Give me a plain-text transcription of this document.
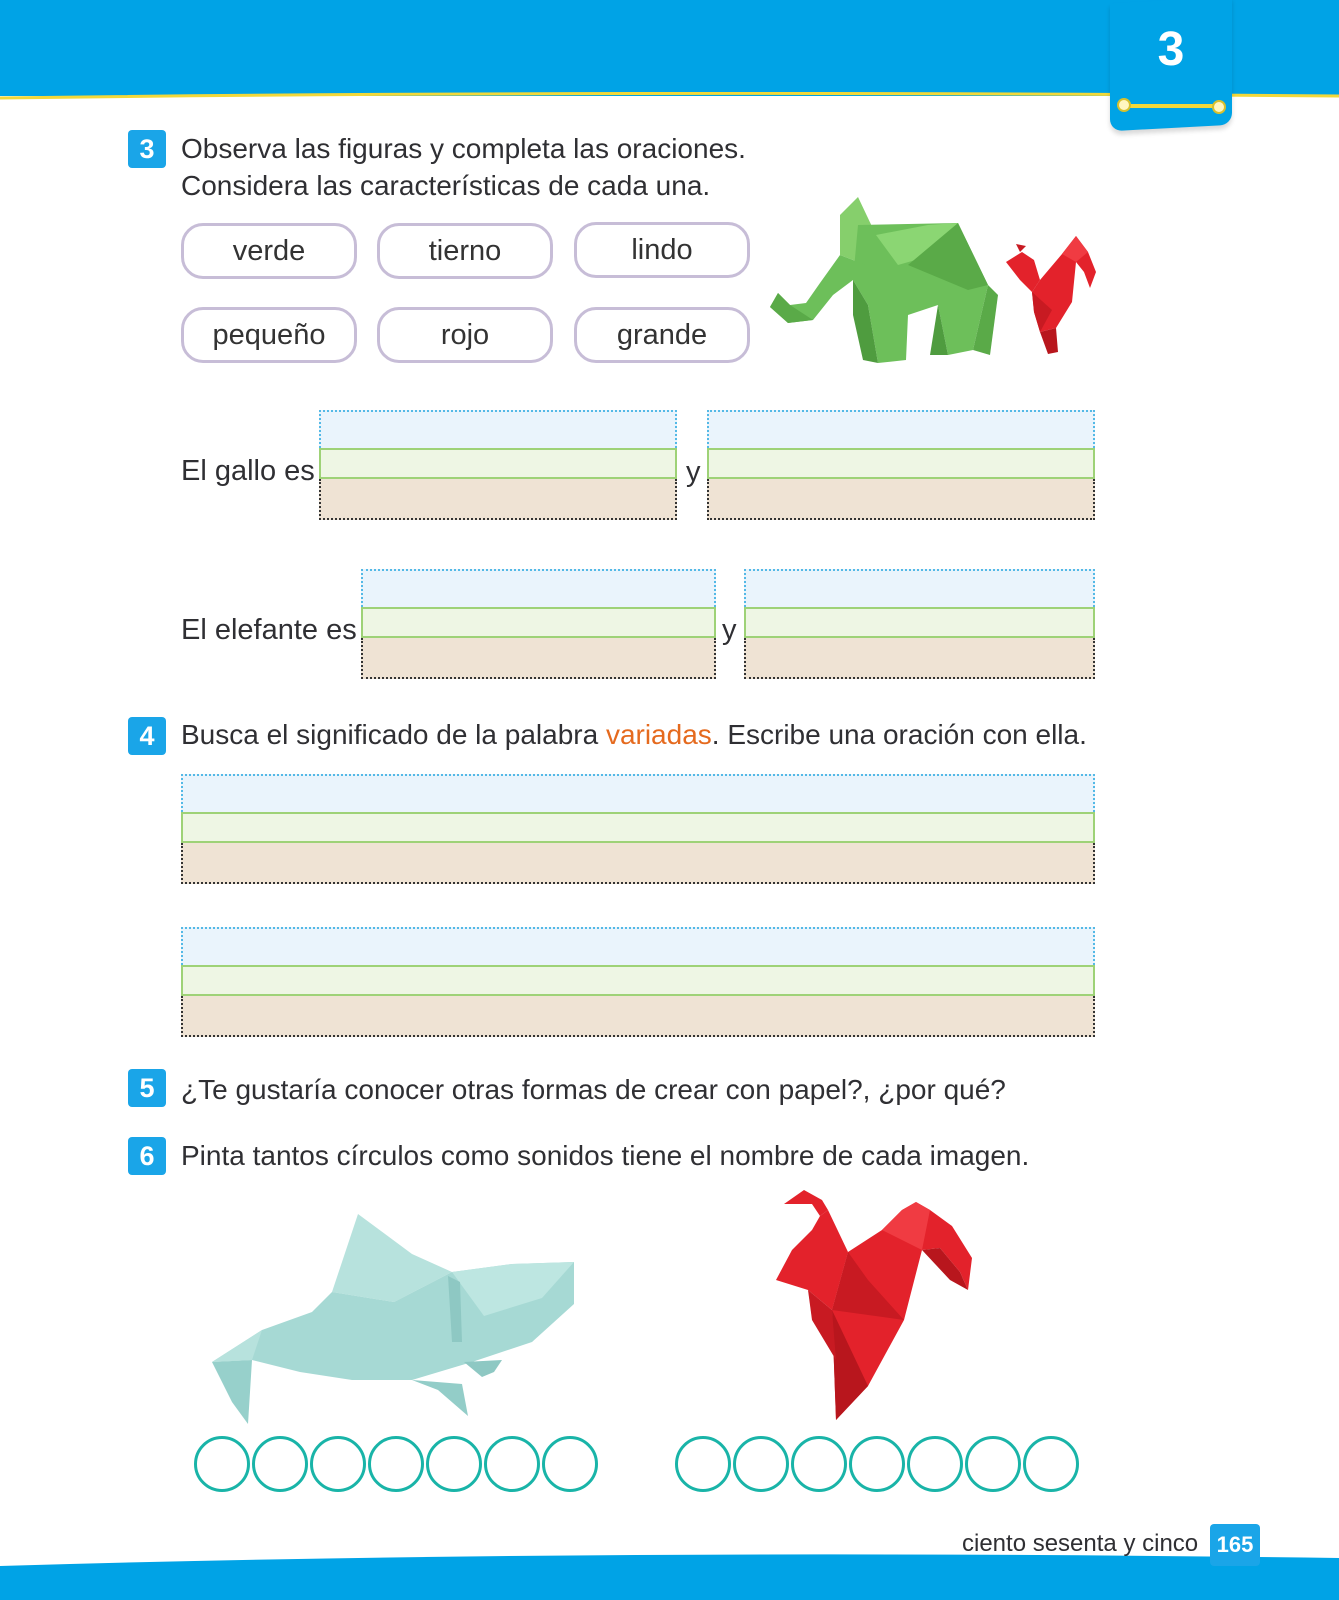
3
3 Observa las figuras y completa las oraciones.
Considera las características de cada una.
verde	tierno	lindo
pequeño	rojo	grande
El gallo es	y
El elefante es	y
4 Busca el significado de la palabra variadas. Escribe una oración con ella.
5 ¿Te gustaría conocer otras formas de crear con papel?, ¿por qué?
6 Pinta tantos círculos como sonidos tiene el nombre de cada imagen.
ciento sesenta y cinco 165
